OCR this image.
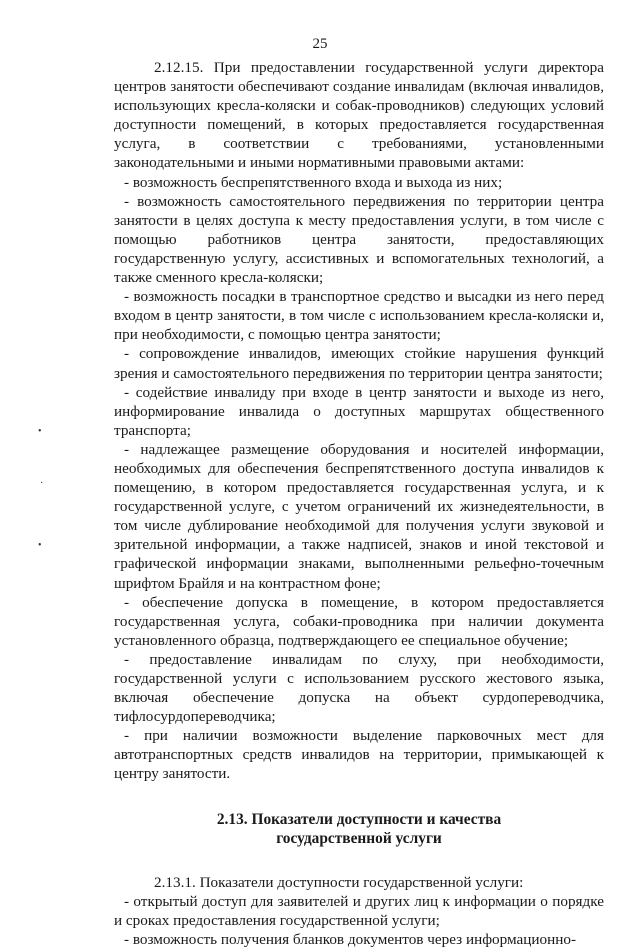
25
•
·
•

2.12.15. При предоставлении государственной услуги директора центров занятости обеспечивают создание инвалидам (включая инвалидов, использующих кресла-коляски и собак-проводников) следующих условий доступности помещений, в которых предоставляется государственная услуга, в соответствии с требованиями, установленными законодательными и иными нормативными правовыми актами:

- возможность беспрепятственного входа и выхода из них;

- возможность самостоятельного передвижения по территории центра занятости в целях доступа к месту предоставления услуги, в том числе с помощью работников центра занятости, предоставляющих государственную услугу, ассистивных и вспомогательных технологий, а также сменного кресла-коляски;

- возможность посадки в транспортное средство и высадки из него перед входом в центр занятости, в том числе с использованием кресла-коляски и, при необходимости, с помощью центра занятости;

- сопровождение инвалидов, имеющих стойкие нарушения функций зрения и самостоятельного передвижения по территории центра занятости;

- содействие инвалиду при входе в центр занятости и выходе из него, информирование инвалида о доступных маршрутах общественного транспорта;

- надлежащее размещение оборудования и носителей информации, необходимых для обеспечения беспрепятственного доступа инвалидов к помещению, в котором предоставляется государственная услуга, и к государственной услуге, с учетом ограничений их жизнедеятельности, в том числе дублирование необходимой для получения услуги звуковой и зрительной информации, а также надписей, знаков и иной текстовой и графической информации знаками, выполненными рельефно-точечным шрифтом Брайля и на контрастном фоне;

- обеспечение допуска в помещение, в котором предоставляется государственная услуга, собаки-проводника при наличии документа установленного образца, подтверждающего ее специальное обучение;

- предоставление инвалидам по слуху, при необходимости, государственной услуги с использованием русского жестового языка, включая обеспечение допуска на объект сурдопереводчика, тифлосурдопереводчика;

- при наличии возможности выделение парковочных мест для автотранспортных средств инвалидов на территории, примыкающей к центру занятости.

2.13. Показатели доступности и качества
государственной услуги

2.13.1. Показатели доступности государственной услуги:

- открытый доступ для заявителей и других лиц к информации о порядке и сроках предоставления государственной услуги;

- возможность получения бланков документов через информационно-
